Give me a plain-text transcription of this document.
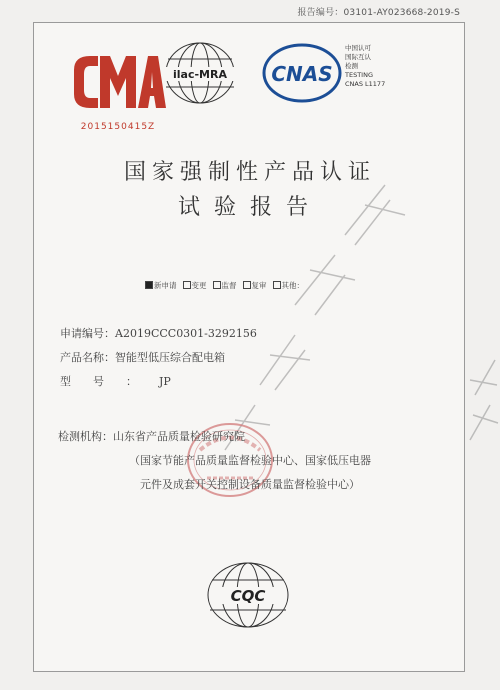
报告编号：03101-AY023668-2019-S
2015150415Z
ilac-MRA CNAS
中国认可
国际互认
检测
TESTING
CNAS L1177
国家强制性产品认证
试验报告
新申请	变更	监督	复审	其他：
申请编号：A2019CCC0301-3292156
产品名称：智能型低压综合配电箱
型号：JP
检测机构：山东省产品质量检验研究院
（国家节能产品质量监督检验中心、国家低压电器
元件及成套开关控制设备质量监督检验中心）
CQC
